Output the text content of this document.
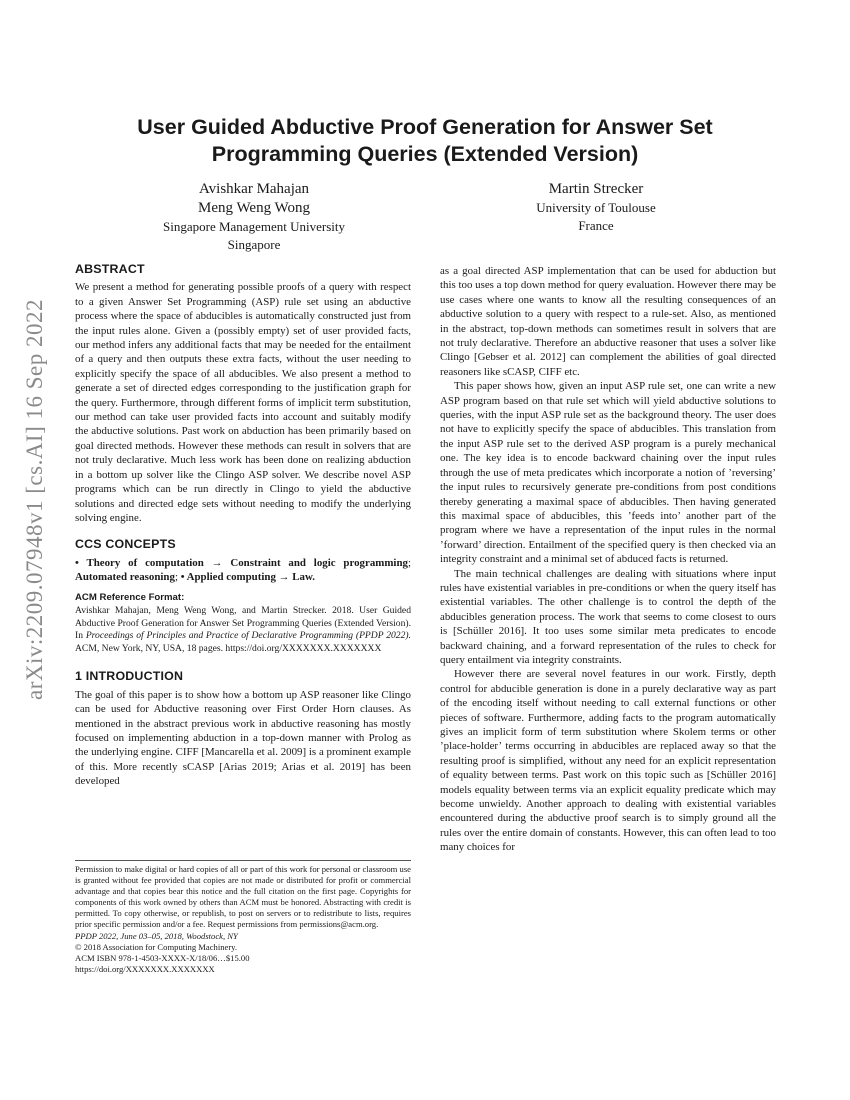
arXiv:2209.07948v1 [cs.AI] 16 Sep 2022
User Guided Abductive Proof Generation for Answer Set
Programming Queries (Extended Version)
Avishkar Mahajan
Meng Weng Wong
Singapore Management University
Singapore
Martin Strecker
University of Toulouse
France
ABSTRACT

We present a method for generating possible proofs of a query with respect to a given Answer Set Programming (ASP) rule set using an abductive process where the space of abducibles is automatically constructed just from the input rules alone. Given a (possibly empty) set of user provided facts, our method infers any additional facts that may be needed for the entailment of a query and then outputs these extra facts, without the user needing to explicitly specify the space of all abducibles. We also present a method to generate a set of directed edges corresponding to the justification graph for the query. Furthermore, through different forms of implicit term substitution, our method can take user provided facts into account and suitably modify the abductive solutions. Past work on abduction has been primarily based on goal directed methods. However these methods can result in solvers that are not truly declarative. Much less work has been done on realizing abduction in a bottom up solver like the Clingo ASP solver. We describe novel ASP programs which can be run directly in Clingo to yield the abductive solutions and directed edge sets without needing to modify the underlying solving engine.

CCS CONCEPTS
• Theory of computation → Constraint and logic programming; Automated reasoning; • Applied computing → Law.
ACM Reference Format:
Avishkar Mahajan, Meng Weng Wong, and Martin Strecker. 2018. User Guided Abductive Proof Generation for Answer Set Programming Queries (Extended Version). In Proceedings of Principles and Practice of Declarative Programming (PPDP 2022). ACM, New York, NY, USA, 18 pages. https://doi.org/XXXXXXX.XXXXXXX
1 INTRODUCTION

The goal of this paper is to show how a bottom up ASP reasoner like Clingo can be used for Abductive reasoning over First Order Horn clauses. As mentioned in the abstract previous work in abductive reasoning has mostly focused on implementing abduction in a top-down manner with Prolog as the underlying engine. CIFF [Mancarella et al. 2009] is a prominent example of this. More recently sCASP [Arias 2019; Arias et al. 2019] has been developed

Permission to make digital or hard copies of all or part of this work for personal or classroom use is granted without fee provided that copies are not made or distributed for profit or commercial advantage and that copies bear this notice and the full citation on the first page. Copyrights for components of this work owned by others than ACM must be honored. Abstracting with credit is permitted. To copy otherwise, or republish, to post on servers or to redistribute to lists, requires prior specific permission and/or a fee. Request permissions from permissions@acm.org.

PPDP 2022, June 03–05, 2018, Woodstock, NY

© 2018 Association for Computing Machinery.

ACM ISBN 978-1-4503-XXXX-X/18/06…$15.00

https://doi.org/XXXXXXX.XXXXXXX

as a goal directed ASP implementation that can be used for abduction but this too uses a top down method for query evaluation. However there may be use cases where one wants to know all the resulting consequences of an abductive solution to a query with respect to a rule-set. Also, as mentioned in the abstract, top-down methods can sometimes result in solvers that are not truly declarative. Therefore an abductive reasoner that uses a solver like Clingo [Gebser et al. 2012] can complement the abilities of goal directed reasoners like sCASP, CIFF etc.

This paper shows how, given an input ASP rule set, one can write a new ASP program based on that rule set which will yield abductive solutions to queries, with the input ASP rule set as the background theory. The user does not have to explicitly specify the space of abducibles. This translation from the input ASP rule set to the derived ASP program is a purely mechanical one. The key idea is to encode backward chaining over the input rules through the use of meta predicates which incorporate a notion of ’reversing’ the input rules to recursively generate pre-conditions from post conditions thereby generating a maximal space of abducibles. Then having generated this maximal space of abducibles, this ’feeds into’ another part of the program where we have a representation of the input rules in the normal ’forward’ direction. Entailment of the specified query is then checked via an integrity constraint and a minimal set of abduced facts is returned.

The main technical challenges are dealing with situations where input rules have existential variables in pre-conditions or when the query itself has existential variables. The other challenge is to control the depth of the abducibles generation process. The work that seems to come closest to ours is [Schüller 2016]. It too uses some similar meta predicates to encode backward chaining, and a forward representation of the rules to check for query entailment via integrity constraints.

However there are several novel features in our work. Firstly, depth control for abducible generation is done in a purely declarative way as part of the encoding itself without needing to call external functions or other pieces of software. Furthermore, adding facts to the program automatically gives an implicit form of term substitution where Skolem terms or other ’place-holder’ terms occurring in abducibles are replaced away so that the resulting proof is simplified, without any need for an explicit representation of equality between terms. Past work on this topic such as [Schüller 2016] models equality between terms via an explicit equality predicate which may become unwieldy. Another approach to dealing with existential variables encountered during the abductive proof search is to simply ground all the rules over the entire domain of constants. However, this can often lead to too many choices for
